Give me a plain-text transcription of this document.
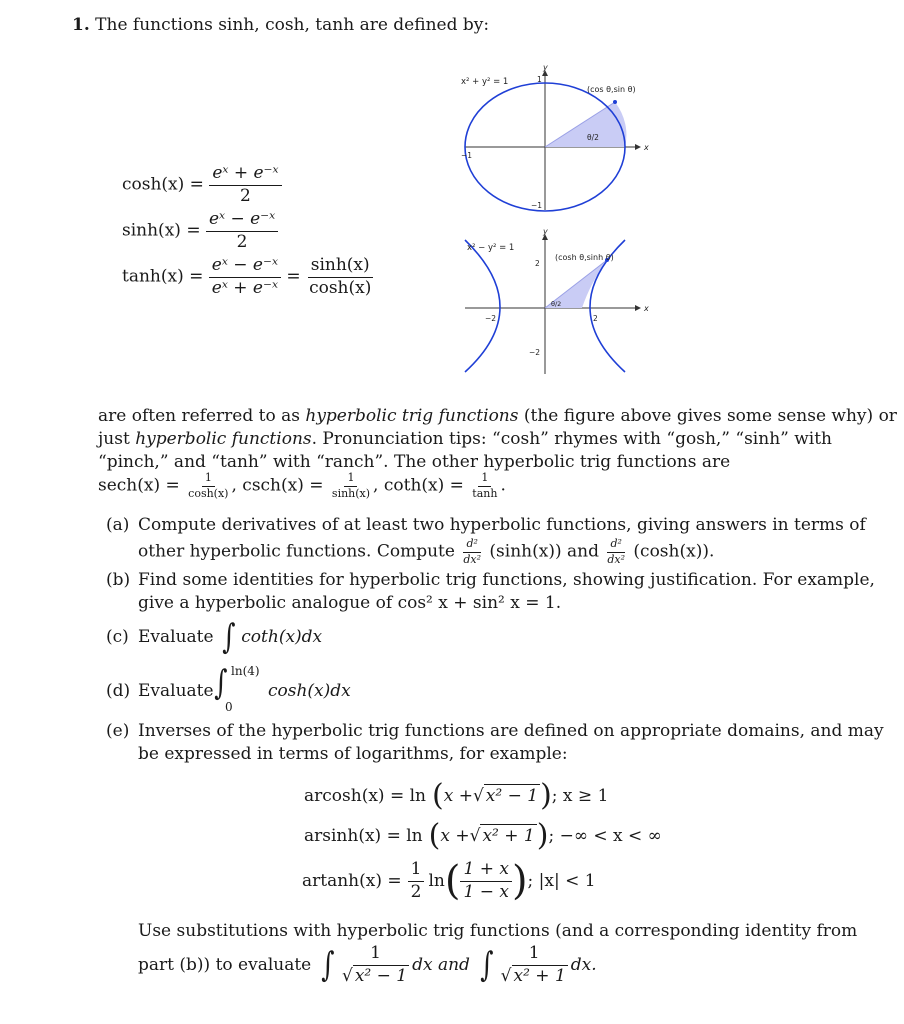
1. The functions sinh, cosh, tanh are defined by:
$\cosh(x) = \frac{\text{eˣ + e⁻ˣ}}{2}$
$\sinh(x) = \frac{\text{eˣ − e⁻ˣ}}{2}$
$\tanh(x) = \frac{\text{eˣ − e⁻ˣ}}{\text{eˣ + e⁻ˣ}} = \frac{\sinh(x)}{\cosh(x)}$
x² + y² = 1
(cos θ,sin θ)
θ/2
x
y
1
−1
−1
x² − y² = 1
(cosh θ,sinh θ)
θ/2	x
y
2
2
−2
−2
are often referred to as hyperbolic trig functions (the figure above gives some sense why) or
just hyperbolic functions. Pronunciation tips: “cosh” rhymes with “gosh,” “sinh” with
“pinch,” and “tanh” with “ranch”. The other hyperbolic trig functions are
$\sec h(x) = \frac{1}{\cosh(x)}$ , $\csc h(x) = \frac{1}{\sinh(x)}$ , $\cot h(x) = \frac{1}{\tanh}$ .
(a) Compute derivatives of at least two hyperbolic functions, giving answers in terms of
other hyperbolic functions. Compute $\frac{\text{d²}}{\text{dx²}} (\sinh(x))$ and $\frac{\text{d²}}{\text{dx²}} (\cosh(x))$.
(b) Find some identities for hyperbolic trig functions, showing justification. For example,
give a hyperbolic analogue of cos² x + sin² x = 1.
(c) Evaluate ∫ coth(x)dx
(d) Evaluate ∫ ln(4)
0
cosh(x)dx
(e) Inverses of the hyperbolic trig functions are defined on appropriate domains, and may
be expressed in terms of logarithms, for example:
arcosh(x) = ln ( x + √ x² − 1 ) ; x ≥ 1
arsinh(x) = ln ( x + √ x² + 1 ) ; −∞ < x < ∞
$artanh(x) = \frac{1}{2}$ ln ( $\frac{1 + x}{1 - x}$ ) ; |x| < 1
Use substitutions with hyperbolic trig functions (and a corresponding identity from
part (b)) to evaluate ∫ $\frac{1}{\text{√ x² − 1}}$ dx and ∫ $\frac{1}{\text{√ x² + 1}}$ dx.
